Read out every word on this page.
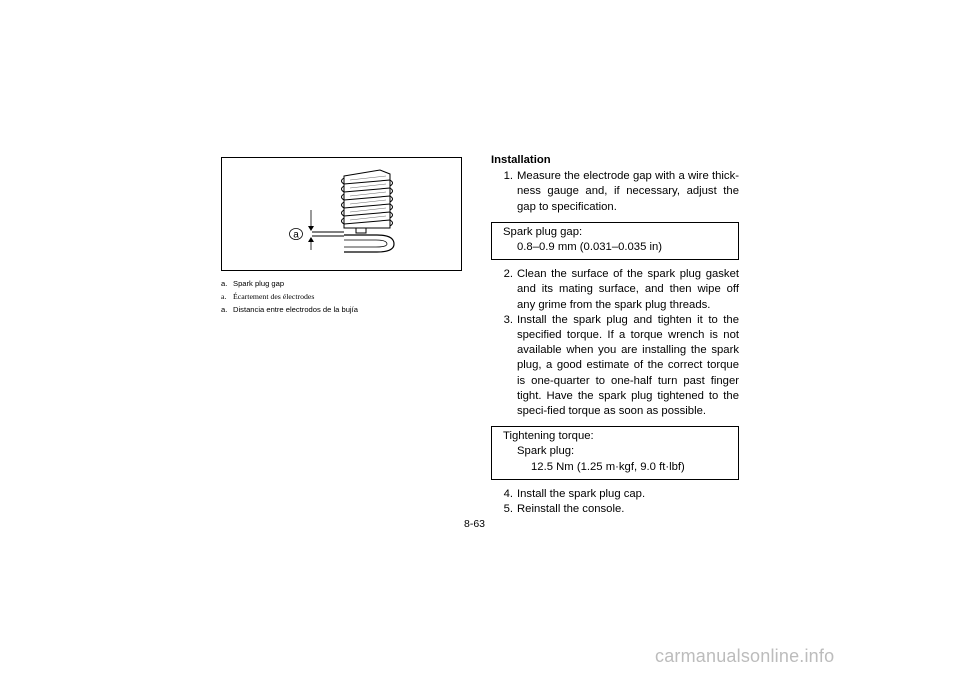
a
a. Spark plug gap
a. Écartement des électrodes
a. Distancia entre electrodos de la bujía
Installation
1. Measure the electrode gap with a wire thick-ness gauge and, if necessary, adjust the gap to specification.
Spark plug gap:
0.8–0.9 mm (0.031–0.035 in)
2. Clean the surface of the spark plug gasket and its mating surface, and then wipe off any grime from the spark plug threads.
3. Install the spark plug and tighten it to the specified torque. If a torque wrench is not available when you are installing the spark plug, a good estimate of the correct torque is one-quarter to one-half turn past finger tight. Have the spark plug tightened to the speci-fied torque as soon as possible.
Tightening torque:
Spark plug:
12.5 Nm (1.25 m·kgf, 9.0 ft·lbf)
4. Install the spark plug cap.
5. Reinstall the console.
8-63
carmanualsonline.info
